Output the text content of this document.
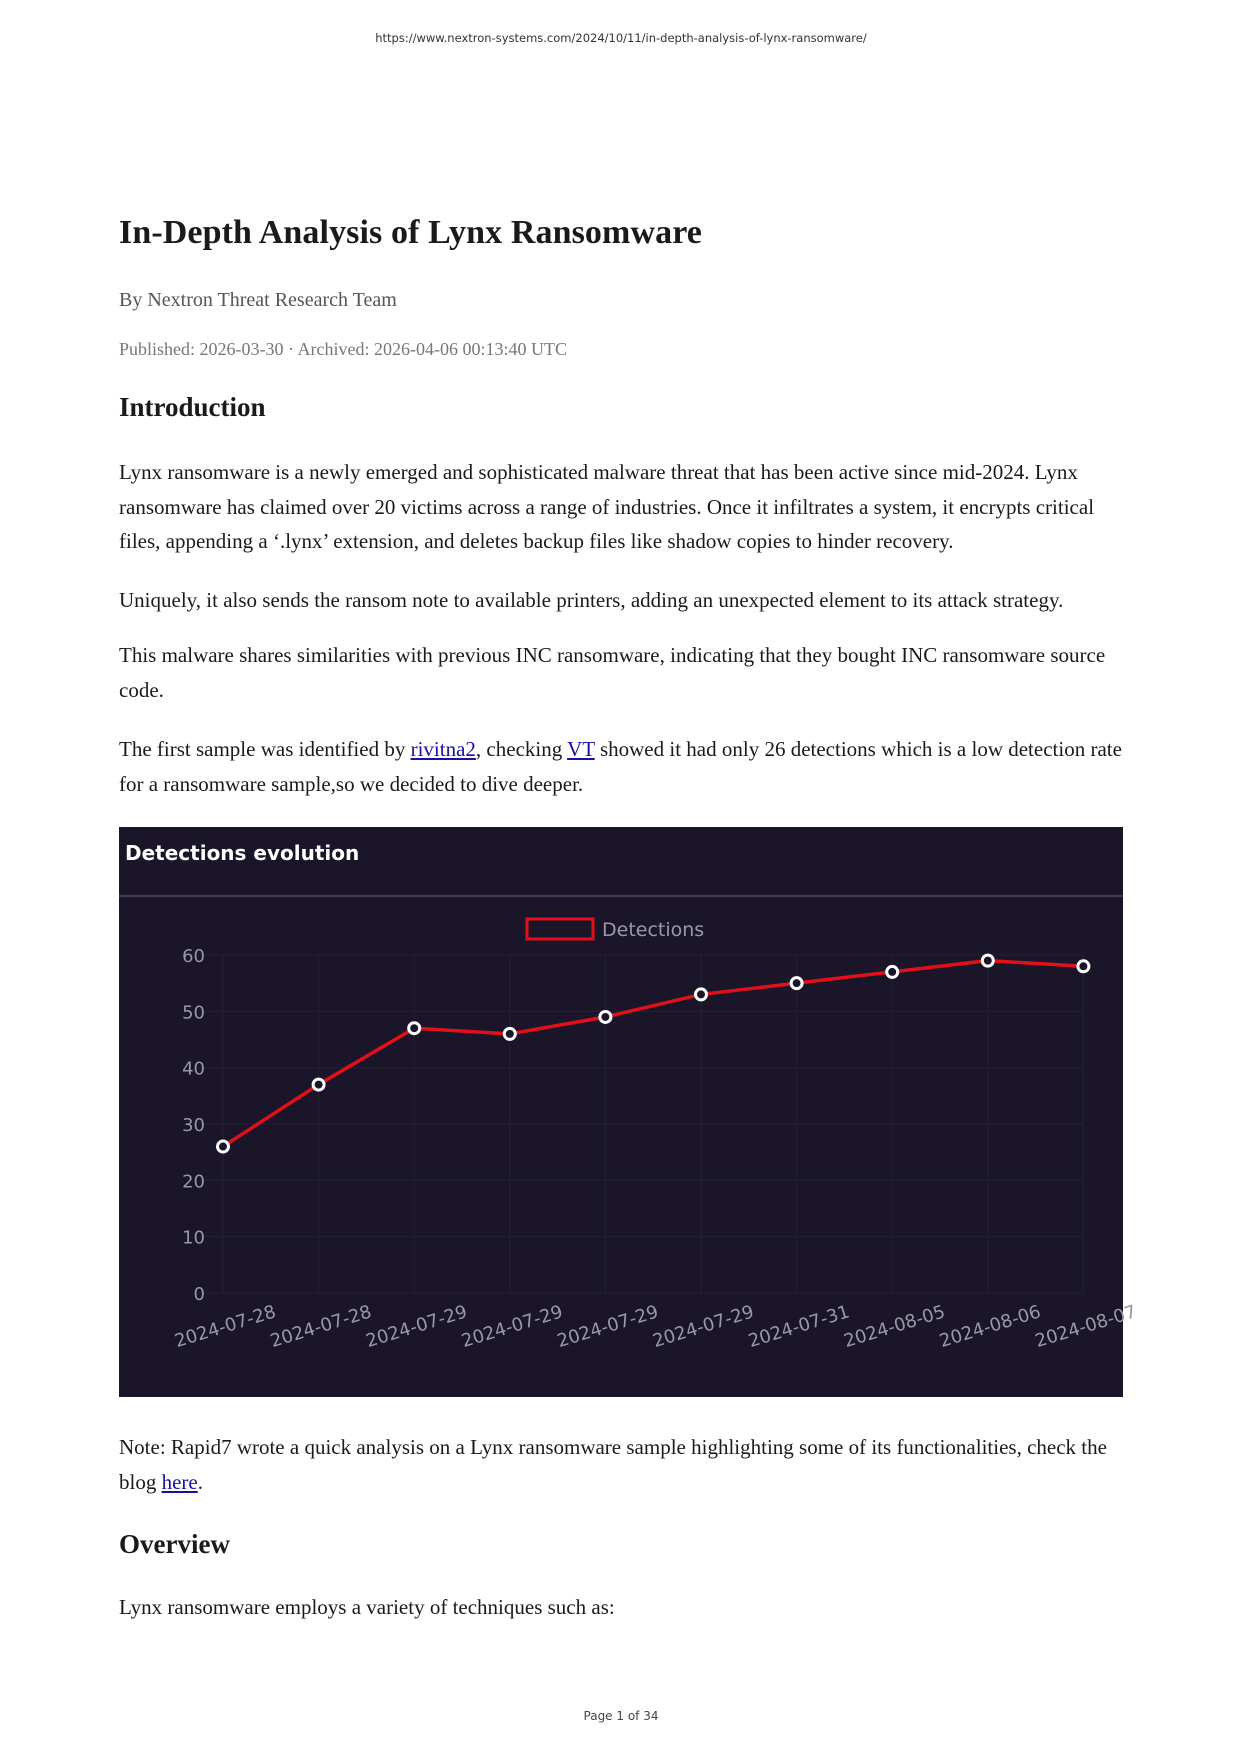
https://www.nextron-systems.com/2024/10/11/in-depth-analysis-of-lynx-ransomware/
In-Depth Analysis of Lynx Ransomware
By Nextron Threat Research Team
Published: 2026-03-30 · Archived: 2026-04-06 00:13:40 UTC
Introduction

Lynx ransomware is a newly emerged and sophisticated malware threat that has been active since mid-2024. Lynx ransomware has claimed over 20 victims across a range of industries. Once it infiltrates a system, it encrypts critical files, appending a ‘.lynx’ extension, and deletes backup files like shadow copies to hinder recovery.

Uniquely, it also sends the ransom note to available printers, adding an unexpected element to its attack strategy.

This malware shares similarities with previous INC ransomware, indicating that they bought INC ransomware source code.

The first sample was identified by rivitna2, checking VT showed it had only 26 detections which is a low detection rate for a ransomware sample,so we decided to dive deeper.

Detections evolution
Detections
0
10
20
30
40
50
60
2024-07-28
2024-07-28
2024-07-29
2024-07-29
2024-07-29
2024-07-29
2024-07-31
2024-08-05
2024-08-06
2024-08-07

Note: Rapid7 wrote a quick analysis on a Lynx ransomware sample highlighting some of its functionalities, check the blog here.

Overview

Lynx ransomware employs a variety of techniques such as:

Page 1 of 34
